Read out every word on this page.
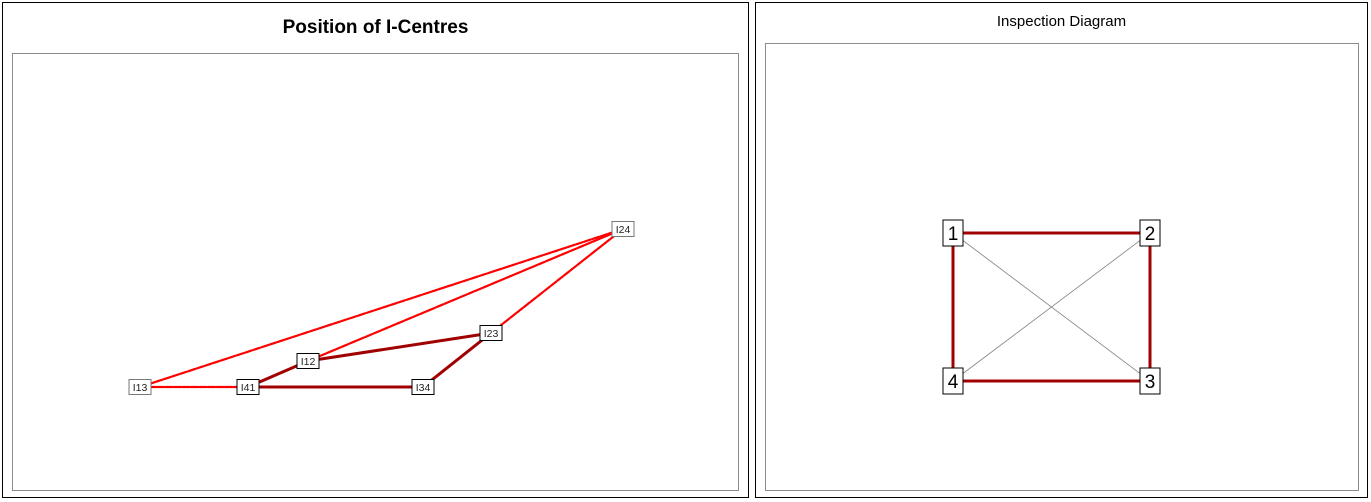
Position of I-Centres
I12
I13
I23
I24
I34
I41
Inspection Diagram
1	2
3
4
